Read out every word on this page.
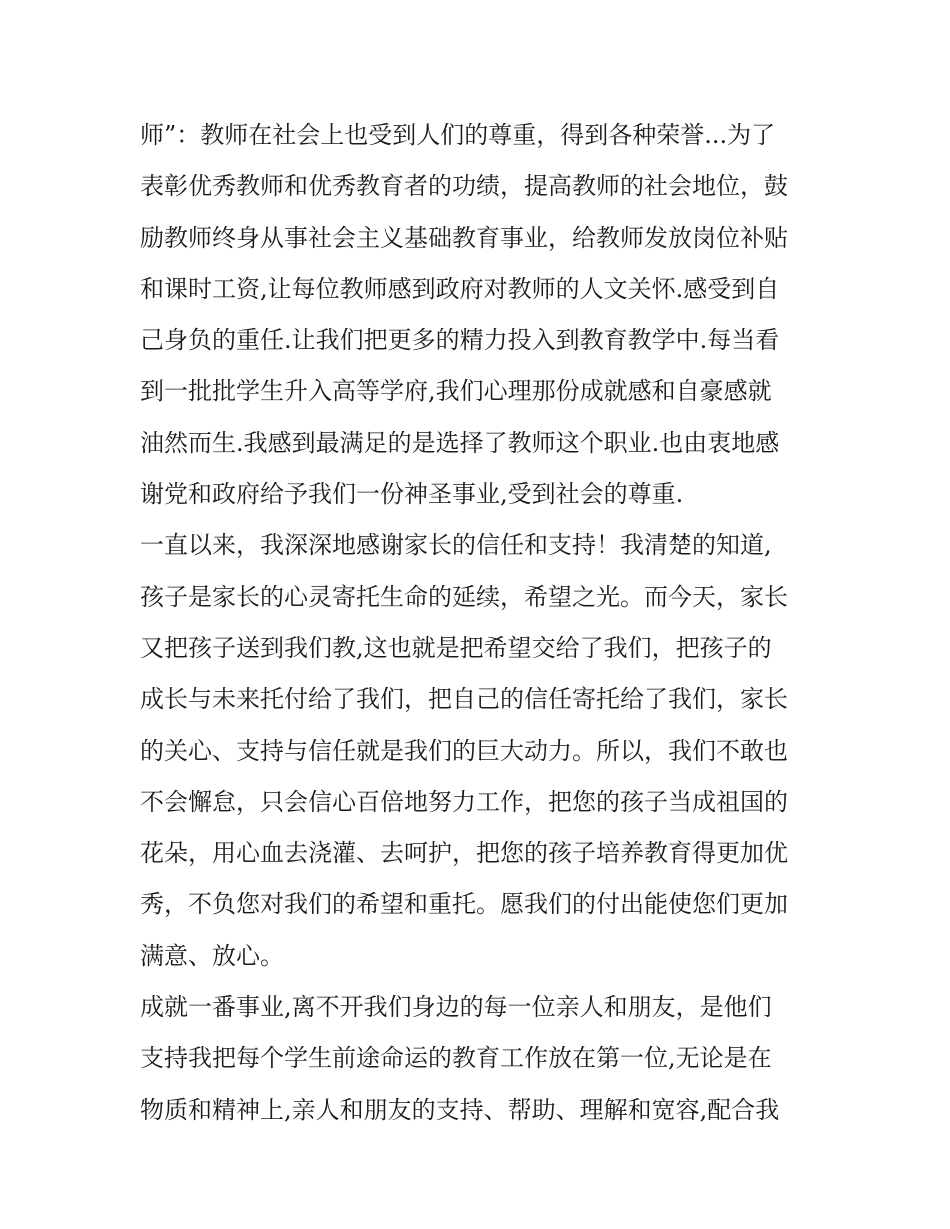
师”：教师在社会上也受到人们的尊重，得到各种荣誉...为了
表彰优秀教师和优秀教育者的功绩，提高教师的社会地位，鼓
励教师终身从事社会主义基础教育事业，给教师发放岗位补贴
和课时工资,让每位教师感到政府对教师的人文关怀.感受到自
己身负的重任.让我们把更多的精力投入到教育教学中.每当看
到一批批学生升入高等学府,我们心理那份成就感和自豪感就
油然而生.我感到最满足的是选择了教师这个职业.也由衷地感
谢党和政府给予我们一份神圣事业,受到社会的尊重.
一直以来，我深深地感谢家长的信任和支持！我清楚的知道,
孩子是家长的心灵寄托生命的延续，希望之光。而今天，家长
又把孩子送到我们教,这也就是把希望交给了我们，把孩子的
成长与未来托付给了我们，把自己的信任寄托给了我们，家长
的关心、支持与信任就是我们的巨大动力。所以，我们不敢也
不会懈怠，只会信心百倍地努力工作，把您的孩子当成祖国的
花朵，用心血去浇灌、去呵护，把您的孩子培养教育得更加优
秀，不负您对我们的希望和重托。愿我们的付出能使您们更加
满意、放心。
成就一番事业,离不开我们身边的每一位亲人和朋友，是他们
支持我把每个学生前途命运的教育工作放在第一位,无论是在
物质和精神上,亲人和朋友的支持、帮助、理解和宽容,配合我
